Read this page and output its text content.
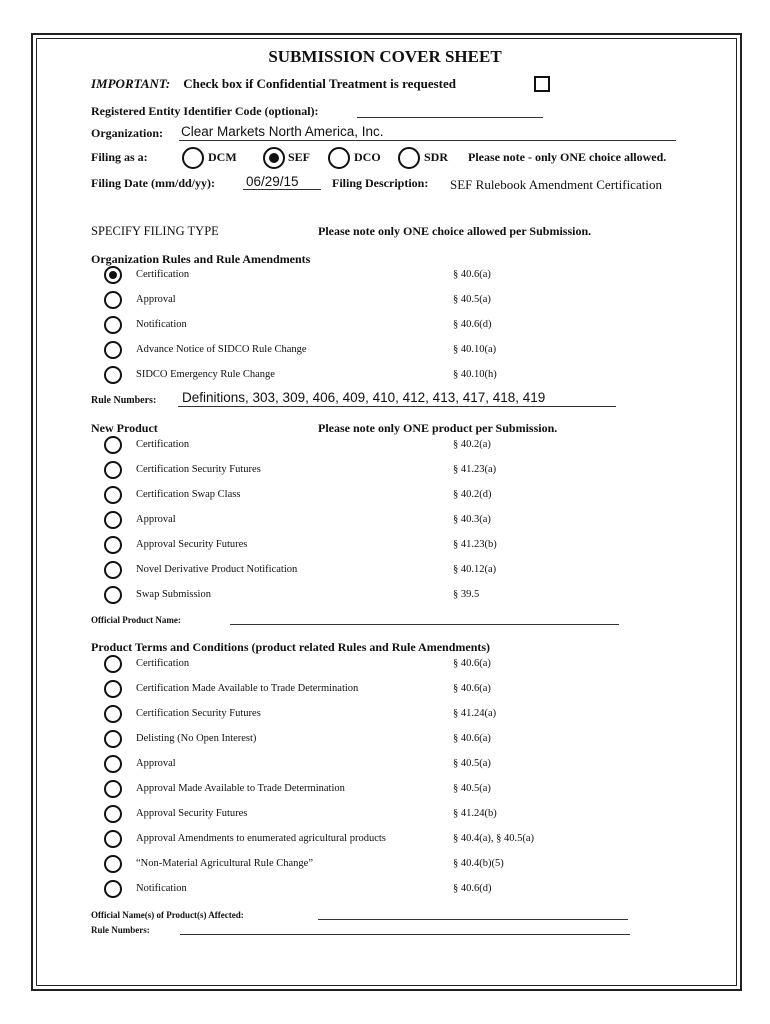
SUBMISSION COVER SHEET
IMPORTANT: Check box if Confidential Treatment is requested
Registered Entity Identifier Code (optional):
Organization: Clear Markets North America, Inc.
Filing as a:	DCM	SEF	DCO	SDR Please note - only ONE choice allowed.
Filing Date (mm/dd/yy): 06/29/15	Filing Description: SEF Rulebook Amendment Certification
SPECIFY FILING TYPE	Please note only ONE choice allowed per Submission.
Organization Rules and Rule Amendments
Certification	§ 40.6(a)
Approval	§ 40.5(a)
Notification	§ 40.6(d)
Advance Notice of SIDCO Rule Change	§ 40.10(a)
SIDCO Emergency Rule Change	§ 40.10(h)
Rule Numbers: Definitions, 303, 309, 406, 409, 410, 412, 413, 417, 418, 419
New Product	Please note only ONE product per Submission.
Certification	§ 40.2(a)
Certification Security Futures	§ 41.23(a)
Certification Swap Class	§ 40.2(d)
Approval	§ 40.3(a)
Approval Security Futures	§ 41.23(b)
Novel Derivative Product Notification	§ 40.12(a)
Swap Submission	§ 39.5
Official Product Name:
Product Terms and Conditions (product related Rules and Rule Amendments)
Certification	§ 40.6(a)
Certification Made Available to Trade Determination	§ 40.6(a)
Certification Security Futures	§ 41.24(a)
Delisting (No Open Interest)	§ 40.6(a)
Approval	§ 40.5(a)
Approval Made Available to Trade Determination	§ 40.5(a)
Approval Security Futures	§ 41.24(b)
Approval Amendments to enumerated agricultural products	§ 40.4(a), § 40.5(a)
“Non-Material Agricultural Rule Change”	§ 40.4(b)(5)
Notification	§ 40.6(d)
Official Name(s) of Product(s) Affected:
Rule Numbers:
